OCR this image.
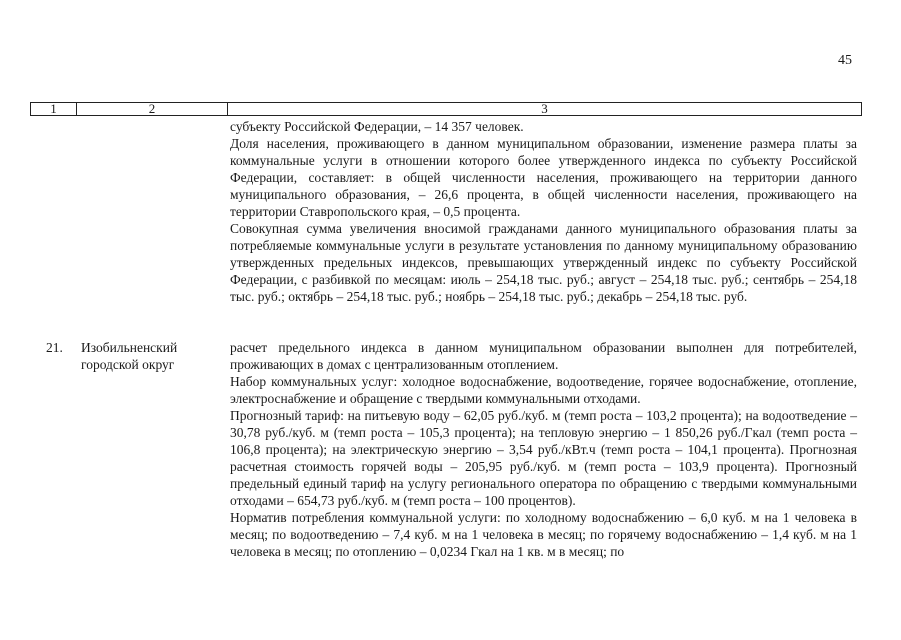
45
1	2	3

субъекту Российской Федерации, – 14 357 человек.

Доля населения, проживающего в данном муниципальном образовании, изменение размера платы за коммунальные услуги в отношении которого более утвержденного индекса по субъекту Российской Федерации, составляет: в общей численности населения, проживающего на территории данного муниципального образования, – 26,6 процента, в общей численности населения, проживающего на территории Ставропольского края, – 0,5 процента.

Совокупная сумма увеличения вносимой гражданами данного муниципального образования платы за потребляемые коммунальные услуги в результате установления по данному муниципальному образованию утвержденных предельных индексов, превышающих утвержденный индекс по субъекту Российской Федерации, с разбивкой по месяцам: июль – 254,18 тыс. руб.; август – 254,18 тыс. руб.; сентябрь – 254,18 тыс. руб.; октябрь – 254,18 тыс. руб.; ноябрь – 254,18 тыс. руб.; декабрь – 254,18 тыс. руб.

21. Изобильненский городской округ

расчет предельного индекса в данном муниципальном образовании выполнен для потребителей, проживающих в домах с централизованным отоплением.

Набор коммунальных услуг: холодное водоснабжение, водоотведение, горячее водоснабжение, отопление, электроснабжение и обращение с твердыми коммунальными отходами.

Прогнозный тариф: на питьевую воду – 62,05 руб./куб. м (темп роста – 103,2 процента); на водоотведение – 30,78 руб./куб. м (темп роста – 105,3 процента); на тепловую энергию – 1 850,26 руб./Гкал (темп роста – 106,8 процента); на электрическую энергию – 3,54 руб./кВт.ч (темп роста – 104,1 процента). Прогнозная расчетная стоимость горячей воды – 205,95 руб./куб. м (темп роста – 103,9 процента). Прогнозный предельный единый тариф на услугу регионального оператора по обращению с твердыми коммунальными отходами – 654,73 руб./куб. м (темп роста – 100 процентов).

Норматив потребления коммунальной услуги: по холодному водоснабжению – 6,0 куб. м на 1 человека в месяц; по водоотведению – 7,4 куб. м на 1 человека в месяц; по горячему водоснабжению – 1,4 куб. м на 1 человека в месяц; по отоплению – 0,0234 Гкал на 1 кв. м в месяц; по
